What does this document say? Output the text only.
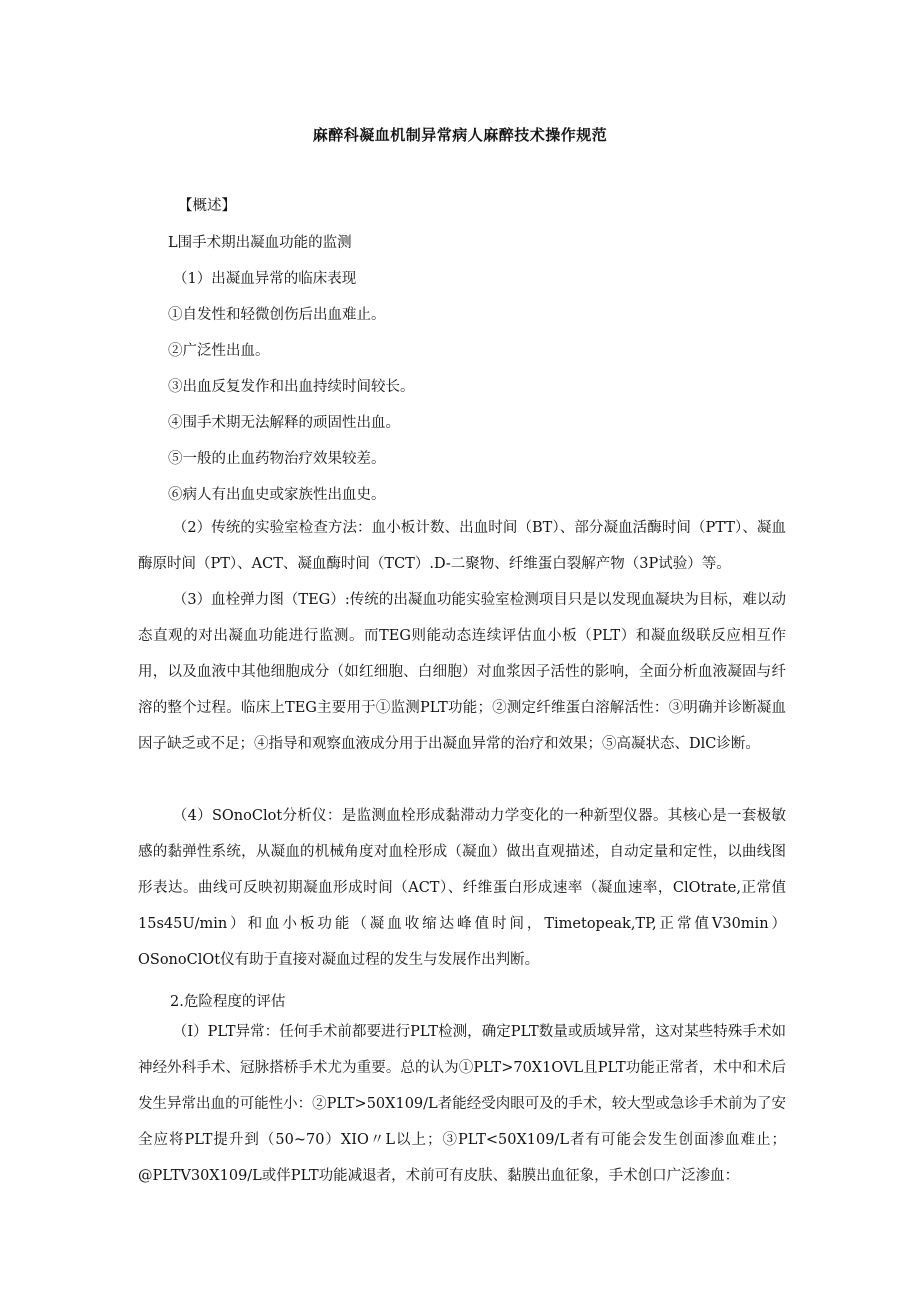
麻醉科凝血机制异常病人麻醉技术操作规范
【概述】
L围手术期出凝血功能的监测
（1）出凝血异常的临床表现
①自发性和轻微创伤后出血难止。
②广泛性出血。
③出血反复发作和出血持续时间较长。
④围手术期无法解释的顽固性出血。
⑤一般的止血药物治疗效果较差。
⑥病人有出血史或家族性出血史。
（2）传统的实验室检查方法：血小板计数、出血时间（BT）、部分凝血活酶时间（PTT）、凝血酶原时间（PT）、ACT、凝血酶时间（TCT）.D-二聚物、纤维蛋白裂解产物（3P试验）等。
（3）血栓弹力图（TEG）:传统的出凝血功能实验室检测项目只是以发现血凝块为目标，难以动态直观的对出凝血功能进行监测。而TEG则能动态连续评估血小板（PLT）和凝血级联反应相互作用，以及血液中其他细胞成分（如红细胞、白细胞）对血浆因子活性的影响，全面分析血液凝固与纤溶的整个过程。临床上TEG主要用于①监测PLT功能；②测定纤维蛋白溶解活性：③明确并诊断凝血因子缺乏或不足；④指导和观察血液成分用于出凝血异常的治疗和效果；⑤高凝状态、DlC诊断。
（4）SOnoClot分析仪：是监测血栓形成黏滞动力学变化的一种新型仪器。其核心是一套极敏感的黏弹性系统，从凝血的机械角度对血栓形成（凝血）做出直观描述，自动定量和定性，以曲线图形表达。曲线可反映初期凝血形成时间（ACT）、纤维蛋白形成速率（凝血速率，ClOtrate,正常值15s45U∕min）和血小板功能（凝血收缩达峰值时间，Timetopeak,TP,正常值V30min）OSonoClOt仪有助于直接对凝血过程的发生与发展作出判断。
2.危险程度的评估
（I）PLT异常：任何手术前都要进行PLT检测，确定PLT数量或质域异常，这对某些特殊手术如神经外科手术、冠脉搭桥手术尤为重要。总的认为①PLT>70X1OVL且PLT功能正常者，术中和术后发生异常出血的可能性小：②PLT>50X109∕L者能经受肉眼可及的手术，较大型或急诊手术前为了安全应将PLT提升到（50~70）XIO〃L以上；③PLT<50X109∕L者有可能会发生创面渗血难止；@PLTV30X109/L或伴PLT功能减退者，术前可有皮肤、黏膜出血征象，手术创口广泛渗血：
